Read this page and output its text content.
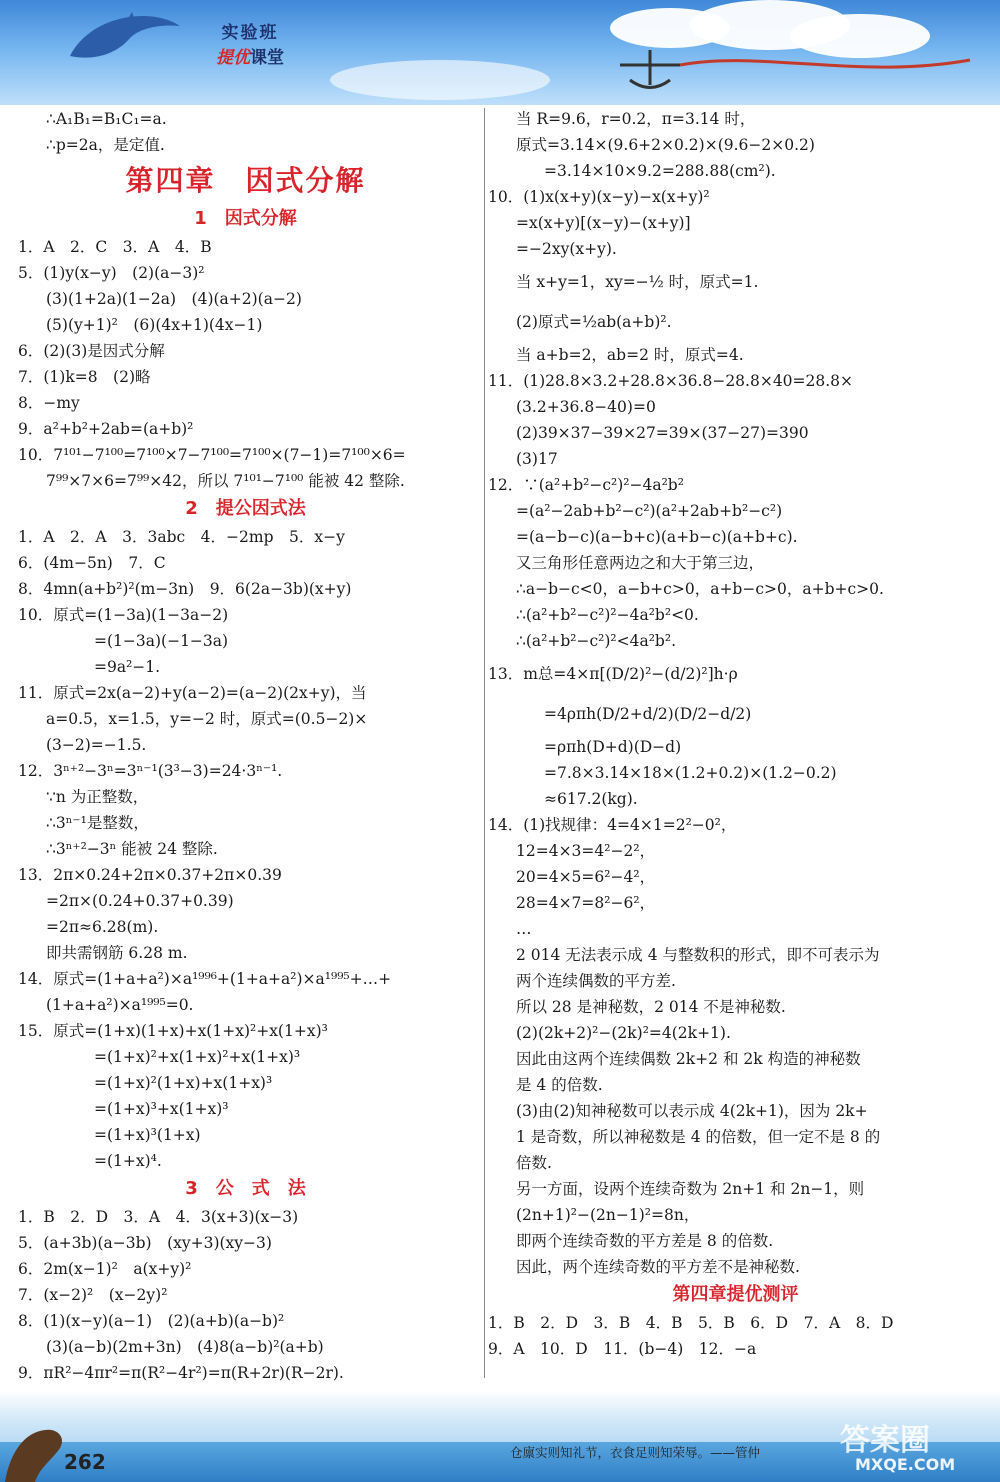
实验班
提优课堂
∴A₁B₁=B₁C₁=a.
∴p=2a，是定值.
第四章　因式分解
1　因式分解
1．A　2．C　3．A　4．B
5．(1)y(x−y)　(2)(a−3)²
(3)(1+2a)(1−2a)　(4)(a+2)(a−2)
(5)(y+1)²　(6)(4x+1)(4x−1)
6．(2)(3)是因式分解
7．(1)k=8　(2)略
8．−my
9．a²+b²+2ab=(a+b)²
10．7¹⁰¹−7¹⁰⁰=7¹⁰⁰×7−7¹⁰⁰=7¹⁰⁰×(7−1)=7¹⁰⁰×6=
7⁹⁹×7×6=7⁹⁹×42，所以 7¹⁰¹−7¹⁰⁰ 能被 42 整除.
2　提公因式法
1．A　2．A　3．3abc　4．−2mp　5．x−y
6．(4m−5n)　7．C
8．4mn(a+b²)²(m−3n)　9．6(2a−3b)(x+y)
10．原式=(1−3a)(1−3a−2)
=(1−3a)(−1−3a)
=9a²−1.
11．原式=2x(a−2)+y(a−2)=(a−2)(2x+y)，当
a=0.5，x=1.5，y=−2 时，原式=(0.5−2)×
(3−2)=−1.5.
12．3ⁿ⁺²−3ⁿ=3ⁿ⁻¹(3³−3)=24·3ⁿ⁻¹.
∵n 为正整数，
∴3ⁿ⁻¹是整数，
∴3ⁿ⁺²−3ⁿ 能被 24 整除.
13．2π×0.24+2π×0.37+2π×0.39
=2π×(0.24+0.37+0.39)
=2π≈6.28(m).
即共需钢筋 6.28 m.
14．原式=(1+a+a²)×a¹⁹⁹⁶+(1+a+a²)×a¹⁹⁹⁵+…+
(1+a+a²)×a¹⁹⁹⁵=0.
15．原式=(1+x)(1+x)+x(1+x)²+x(1+x)³
=(1+x)²+x(1+x)²+x(1+x)³
=(1+x)²(1+x)+x(1+x)³
=(1+x)³+x(1+x)³
=(1+x)³(1+x)
=(1+x)⁴.
3　公　式　法
1．B　2．D　3．A　4．3(x+3)(x−3)
5．(a+3b)(a−3b)　(xy+3)(xy−3)
6．2m(x−1)²　a(x+y)²
7．(x−2)²　(x−2y)²
8．(1)(x−y)(a−1)　(2)(a+b)(a−b)²
(3)(a−b)(2m+3n)　(4)8(a−b)²(a+b)
9．πR²−4πr²=π(R²−4r²)=π(R+2r)(R−2r).
当 R=9.6，r=0.2，π=3.14 时，
原式=3.14×(9.6+2×0.2)×(9.6−2×0.2)
=3.14×10×9.2=288.88(cm²).
10．(1)x(x+y)(x−y)−x(x+y)²
=x(x+y)[(x−y)−(x+y)]
=−2xy(x+y).
当 x+y=1，xy=−½ 时，原式=1.
(2)原式=½ab(a+b)².
当 a+b=2，ab=2 时，原式=4.
11．(1)28.8×3.2+28.8×36.8−28.8×40=28.8×
(3.2+36.8−40)=0
(2)39×37−39×27=39×(37−27)=390
(3)17
12．∵(a²+b²−c²)²−4a²b²
=(a²−2ab+b²−c²)(a²+2ab+b²−c²)
=(a−b−c)(a−b+c)(a+b−c)(a+b+c).
又三角形任意两边之和大于第三边，
∴a−b−c<0，a−b+c>0，a+b−c>0，a+b+c>0.
∴(a²+b²−c²)²−4a²b²<0.
∴(a²+b²−c²)²<4a²b².
13．m总=4×π[(D/2)²−(d/2)²]h·ρ
=4ρπh(D/2+d/2)(D/2−d/2)
=ρπh(D+d)(D−d)
=7.8×3.14×18×(1.2+0.2)×(1.2−0.2)
≈617.2(kg).
14．(1)找规律：4=4×1=2²−0²，
12=4×3=4²−2²，
20=4×5=6²−4²，
28=4×7=8²−6²，
…
2 014 无法表示成 4 与整数积的形式，即不可表示为
两个连续偶数的平方差.
所以 28 是神秘数，2 014 不是神秘数.
(2)(2k+2)²−(2k)²=4(2k+1).
因此由这两个连续偶数 2k+2 和 2k 构造的神秘数
是 4 的倍数.
(3)由(2)知神秘数可以表示成 4(2k+1)，因为 2k+
1 是奇数，所以神秘数是 4 的倍数，但一定不是 8 的
倍数.
另一方面，设两个连续奇数为 2n+1 和 2n−1，则
(2n+1)²−(2n−1)²=8n，
即两个连续奇数的平方差是 8 的倍数.
因此，两个连续奇数的平方差不是神秘数.
第四章提优测评
1．B　2．D　3．B　4．B　5．B　6．D　7．A　8．D
9．A　10．D　11．(b−4)　12．−a
262	仓廪实则知礼节，衣食足则知荣辱。——管仲	答案圈
MXQE.COM
